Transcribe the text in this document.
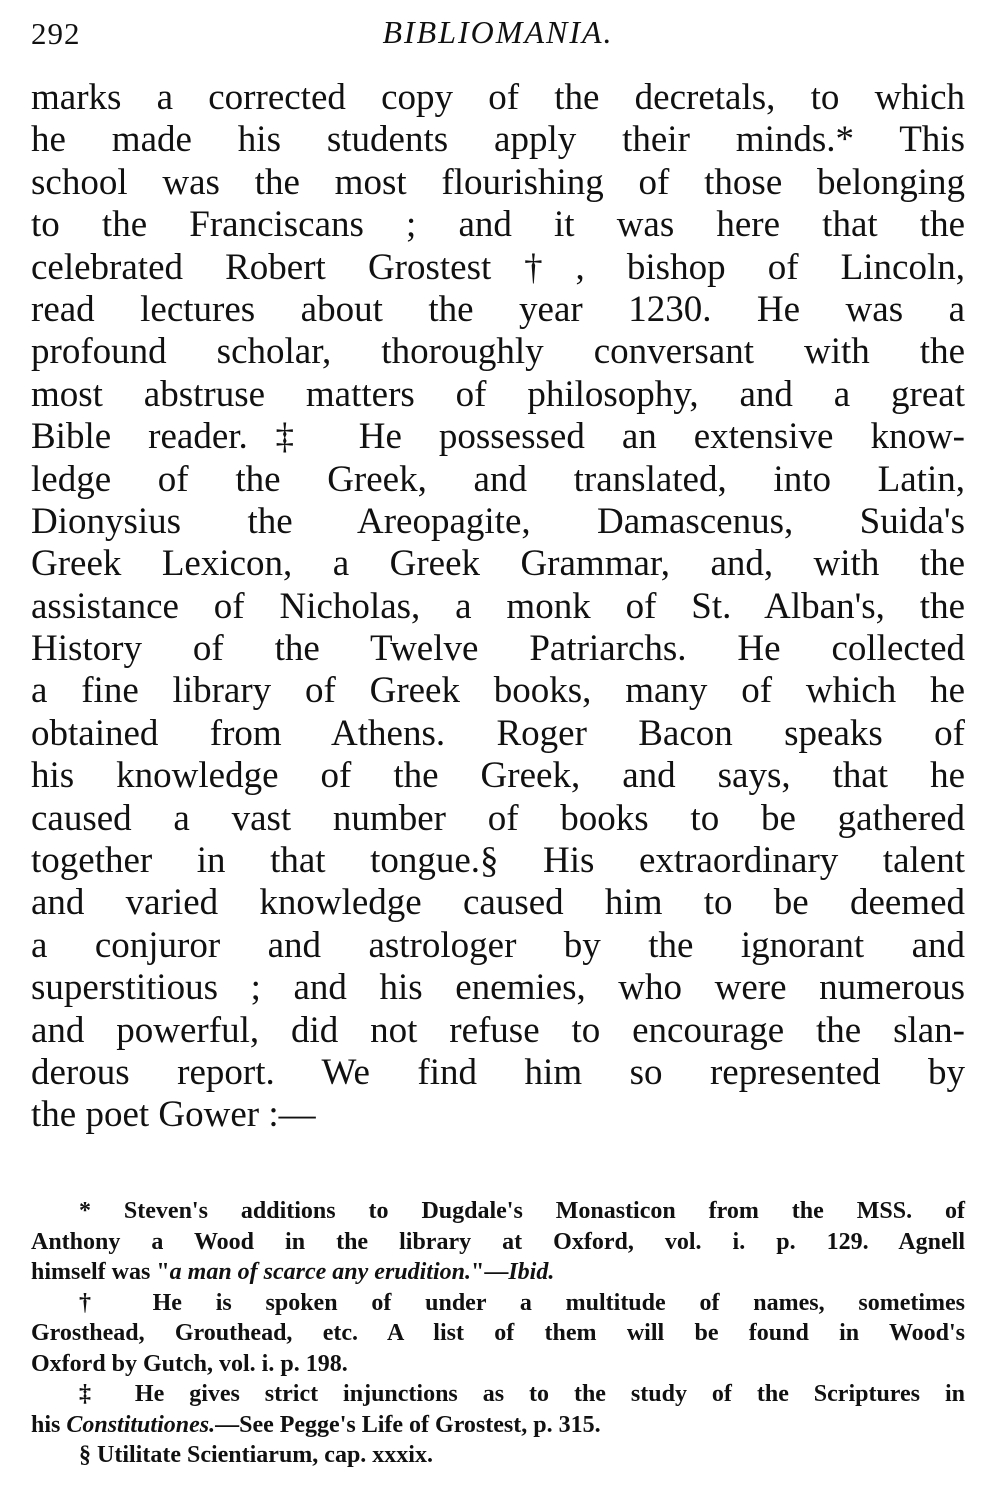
292	BIBLIOMANIA.
marks a corrected copy of the decretals, to which
he made his students apply their minds.* This
school was the most flourishing of those belonging
to the Franciscans ; and it was here that the
celebrated Robert Grostest†, bishop of Lincoln,
read lectures about the year 1230. He was a
profound scholar, thoroughly conversant with the
most abstruse matters of philosophy, and a great
Bible reader.‡ He possessed an extensive know-
ledge of the Greek, and translated, into Latin,
Dionysius the Areopagite, Damascenus, Suida's
Greek Lexicon, a Greek Grammar, and, with the
assistance of Nicholas, a monk of St. Alban's, the
History of the Twelve Patriarchs. He collected
a fine library of Greek books, many of which he
obtained from Athens. Roger Bacon speaks of
his knowledge of the Greek, and says, that he
caused a vast number of books to be gathered
together in that tongue.§ His extraordinary talent
and varied knowledge caused him to be deemed
a conjuror and astrologer by the ignorant and
superstitious ; and his enemies, who were numerous
and powerful, did not refuse to encourage the slan-
derous report. We find him so represented by
the poet Gower :—
* Steven's additions to Dugdale's Monasticon from the MSS. of
Anthony a Wood in the library at Oxford, vol. i. p. 129. Agnell
himself was "a man of scarce any erudition."—Ibid.
† He is spoken of under a multitude of names, sometimes
Grosthead, Grouthead, etc. A list of them will be found in Wood's
Oxford by Gutch, vol. i. p. 198.
‡ He gives strict injunctions as to the study of the Scriptures in
his Constitutiones.—See Pegge's Life of Grostest, p. 315.
§ Utilitate Scientiarum, cap. xxxix.
